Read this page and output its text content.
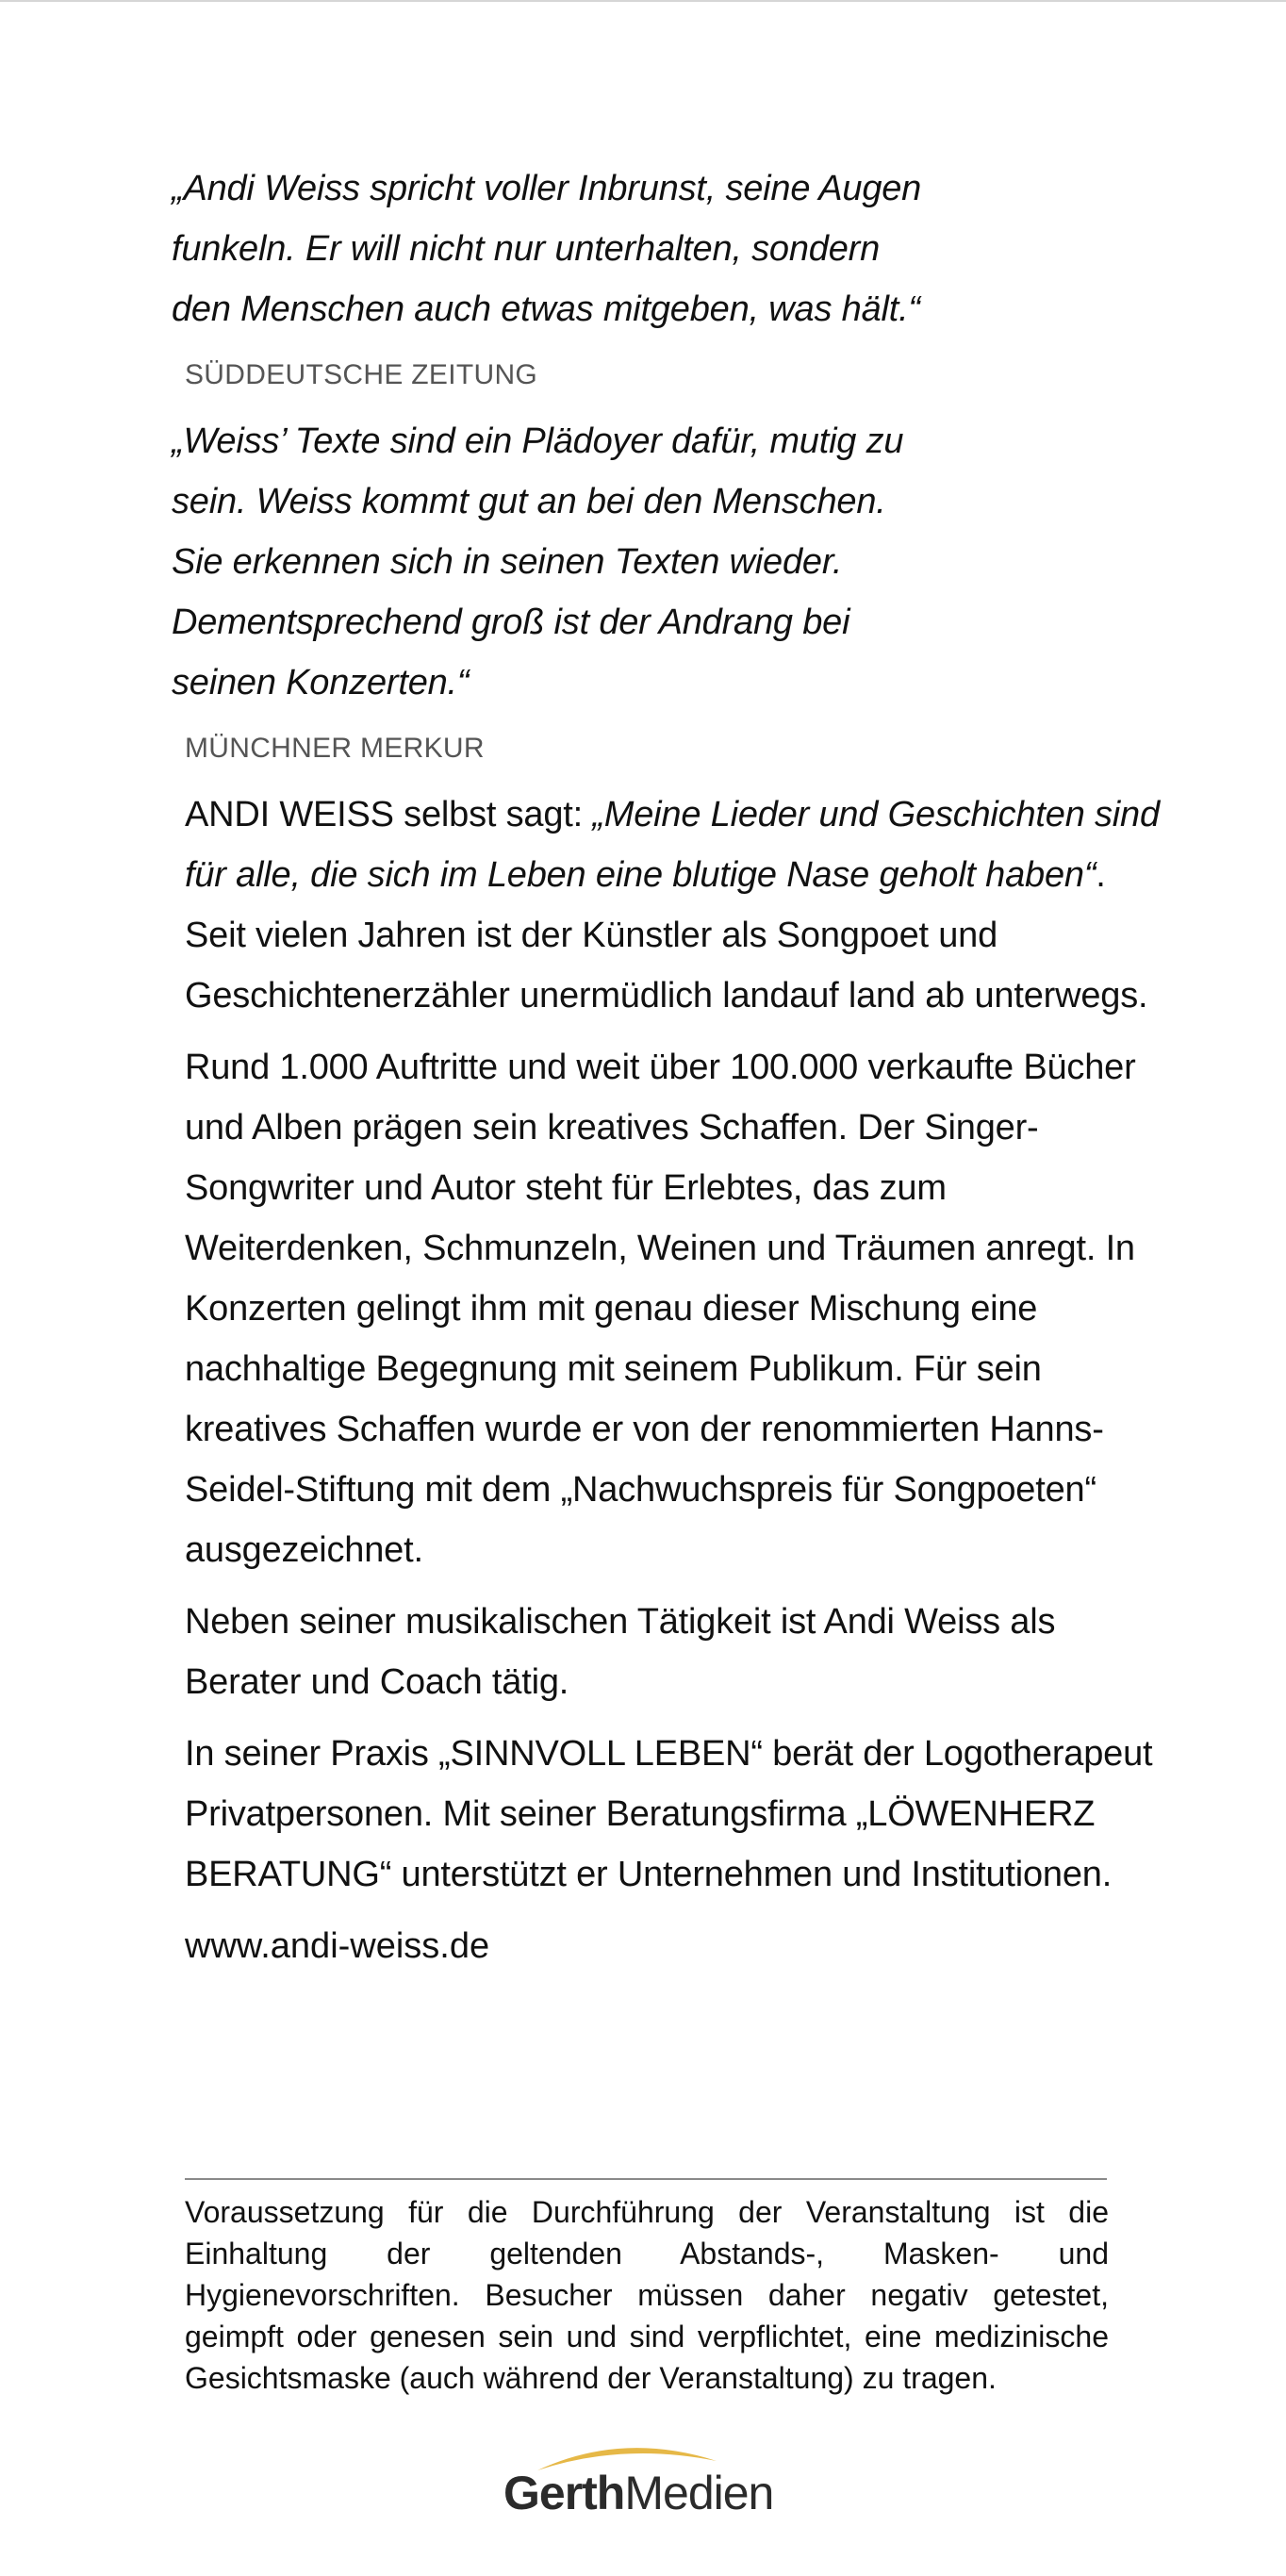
„Andi Weiss spricht voller Inbrunst, seine Augen
funkeln. Er will nicht nur unterhalten, sondern
den Menschen auch etwas mitgeben, was hält.“
SÜDDEUTSCHE ZEITUNG
„Weiss’ Texte sind ein Plädoyer dafür, mutig zu
sein. Weiss kommt gut an bei den Menschen.
Sie erkennen sich in seinen Texten wieder.
Dementsprechend groß ist der Andrang bei
seinen Konzerten.“
MÜNCHNER MERKUR

ANDI WEISS selbst sagt: „Meine Lieder und Geschichten sind für alle, die sich im Leben eine blutige Nase geholt haben“. Seit vielen Jahren ist der Künstler als Songpoet und Geschichtenerzähler unermüdlich landauf land ab unterwegs.

Rund 1.000 Auftritte und weit über 100.000 verkaufte Bücher und Alben prägen sein kreatives Schaffen. Der Singer-Songwriter und Autor steht für Erlebtes, das zum Weiterdenken, Schmunzeln, Weinen und Träumen anregt. In Konzerten gelingt ihm mit genau dieser Mischung eine nachhaltige Begegnung mit seinem Publikum. Für sein kreatives Schaffen wurde er von der renommierten Hanns-Seidel-Stiftung mit dem „Nachwuchspreis für Songpoeten“ ausgezeichnet.

Neben seiner musikalischen Tätigkeit ist Andi Weiss als Berater und Coach tätig.

In seiner Praxis „SINNVOLL LEBEN“ berät der Logotherapeut Privatpersonen. Mit seiner Beratungsfirma „LÖWENHERZ BERATUNG“ unterstützt er Unternehmen und Institutionen.

www.andi-weiss.de

Voraussetzung für die Durchführung der Veranstaltung ist die Einhaltung der geltenden Abstands-, Masken- und Hygienevorschriften. Besucher müssen daher negativ getestet, geimpft oder genesen sein und sind verpflichtet, eine medizinische Gesichtsmaske (auch während der Veranstaltung) zu tragen.

GerthMedien
